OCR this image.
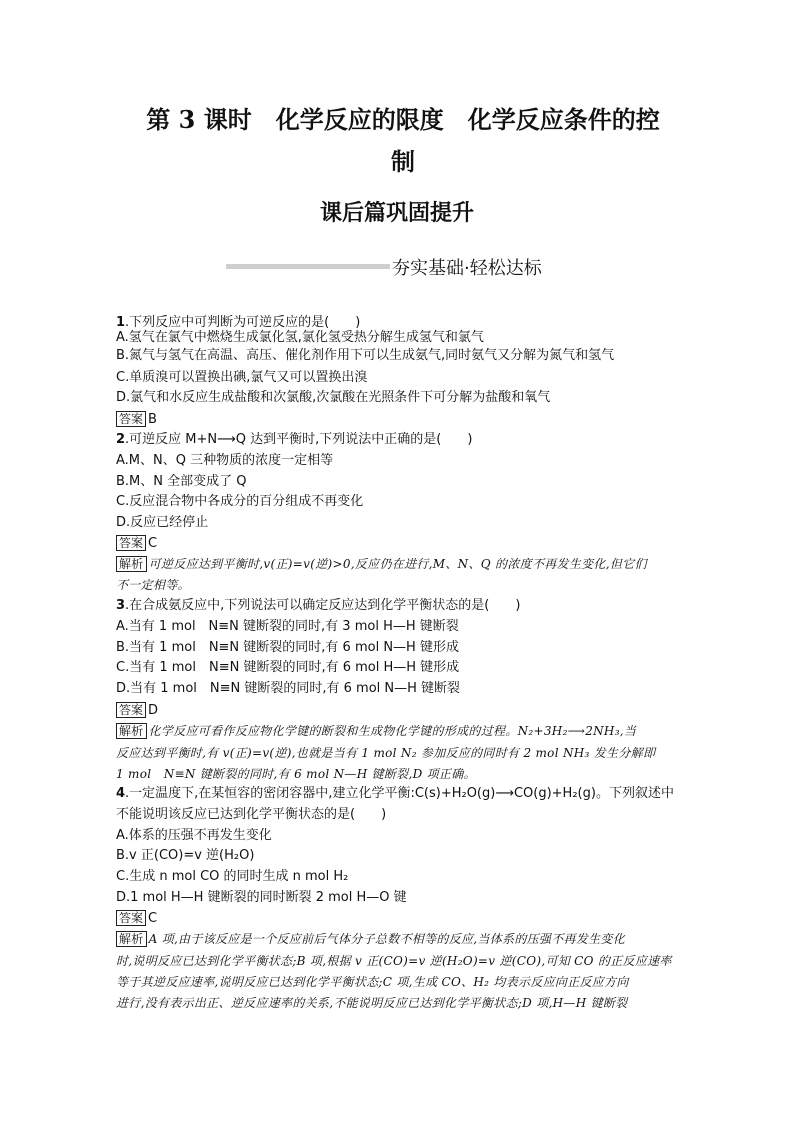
第 3 课时　化学反应的限度　化学反应条件的控
制
课后篇巩固提升
夯实基础·轻松达标
1.下列反应中可判断为可逆反应的是(　　)
A.氢气在氯气中燃烧生成氯化氢,氯化氢受热分解生成氢气和氯气
B.氮气与氢气在高温、高压、催化剂作用下可以生成氨气,同时氨气又分解为氮气和氢气
C.单质溴可以置换出碘,氯气又可以置换出溴
D.氯气和水反应生成盐酸和次氯酸,次氯酸在光照条件下可分解为盐酸和氧气
答案 B
2.可逆反应 M+N⟶Q 达到平衡时,下列说法中正确的是(　　)
A.M、N、Q 三种物质的浓度一定相等
B.M、N 全部变成了 Q
C.反应混合物中各成分的百分组成不再变化
D.反应已经停止
答案 C
解析 可逆反应达到平衡时,v(正)=v(逆)>0,反应仍在进行,M、N、Q 的浓度不再发生变化,但它们
不一定相等。
3.在合成氨反应中,下列说法可以确定反应达到化学平衡状态的是(　　)
A.当有 1 mol　N≡N 键断裂的同时,有 3 mol H—H 键断裂
B.当有 1 mol　N≡N 键断裂的同时,有 6 mol N—H 键形成
C.当有 1 mol　N≡N 键断裂的同时,有 6 mol H—H 键形成
D.当有 1 mol　N≡N 键断裂的同时,有 6 mol N—H 键断裂
答案 D
解析 化学反应可看作反应物化学键的断裂和生成物化学键的形成的过程。N₂+3H₂⟶2NH₃,当
反应达到平衡时,有 v(正)=v(逆),也就是当有 1 mol N₂ 参加反应的同时有 2 mol NH₃ 发生分解即
1 mol　N≡N 键断裂的同时,有 6 mol N—H 键断裂,D 项正确。
4.一定温度下,在某恒容的密闭容器中,建立化学平衡:C(s)+H₂O(g)⟶CO(g)+H₂(g)。下列叙述中
不能说明该反应已达到化学平衡状态的是(　　)
A.体系的压强不再发生变化
B.v 正(CO)=v 逆(H₂O)
C.生成 n mol CO 的同时生成 n mol H₂
D.1 mol H—H 键断裂的同时断裂 2 mol H—O 键
答案 C
解析 A 项,由于该反应是一个反应前后气体分子总数不相等的反应,当体系的压强不再发生变化
时,说明反应已达到化学平衡状态;B 项,根据 v 正(CO)=v 逆(H₂O)=v 逆(CO),可知 CO 的正反应速率
等于其逆反应速率,说明反应已达到化学平衡状态;C 项,生成 CO、H₂ 均表示反应向正反应方向
进行,没有表示出正、逆反应速率的关系,不能说明反应已达到化学平衡状态;D 项,H—H 键断裂
